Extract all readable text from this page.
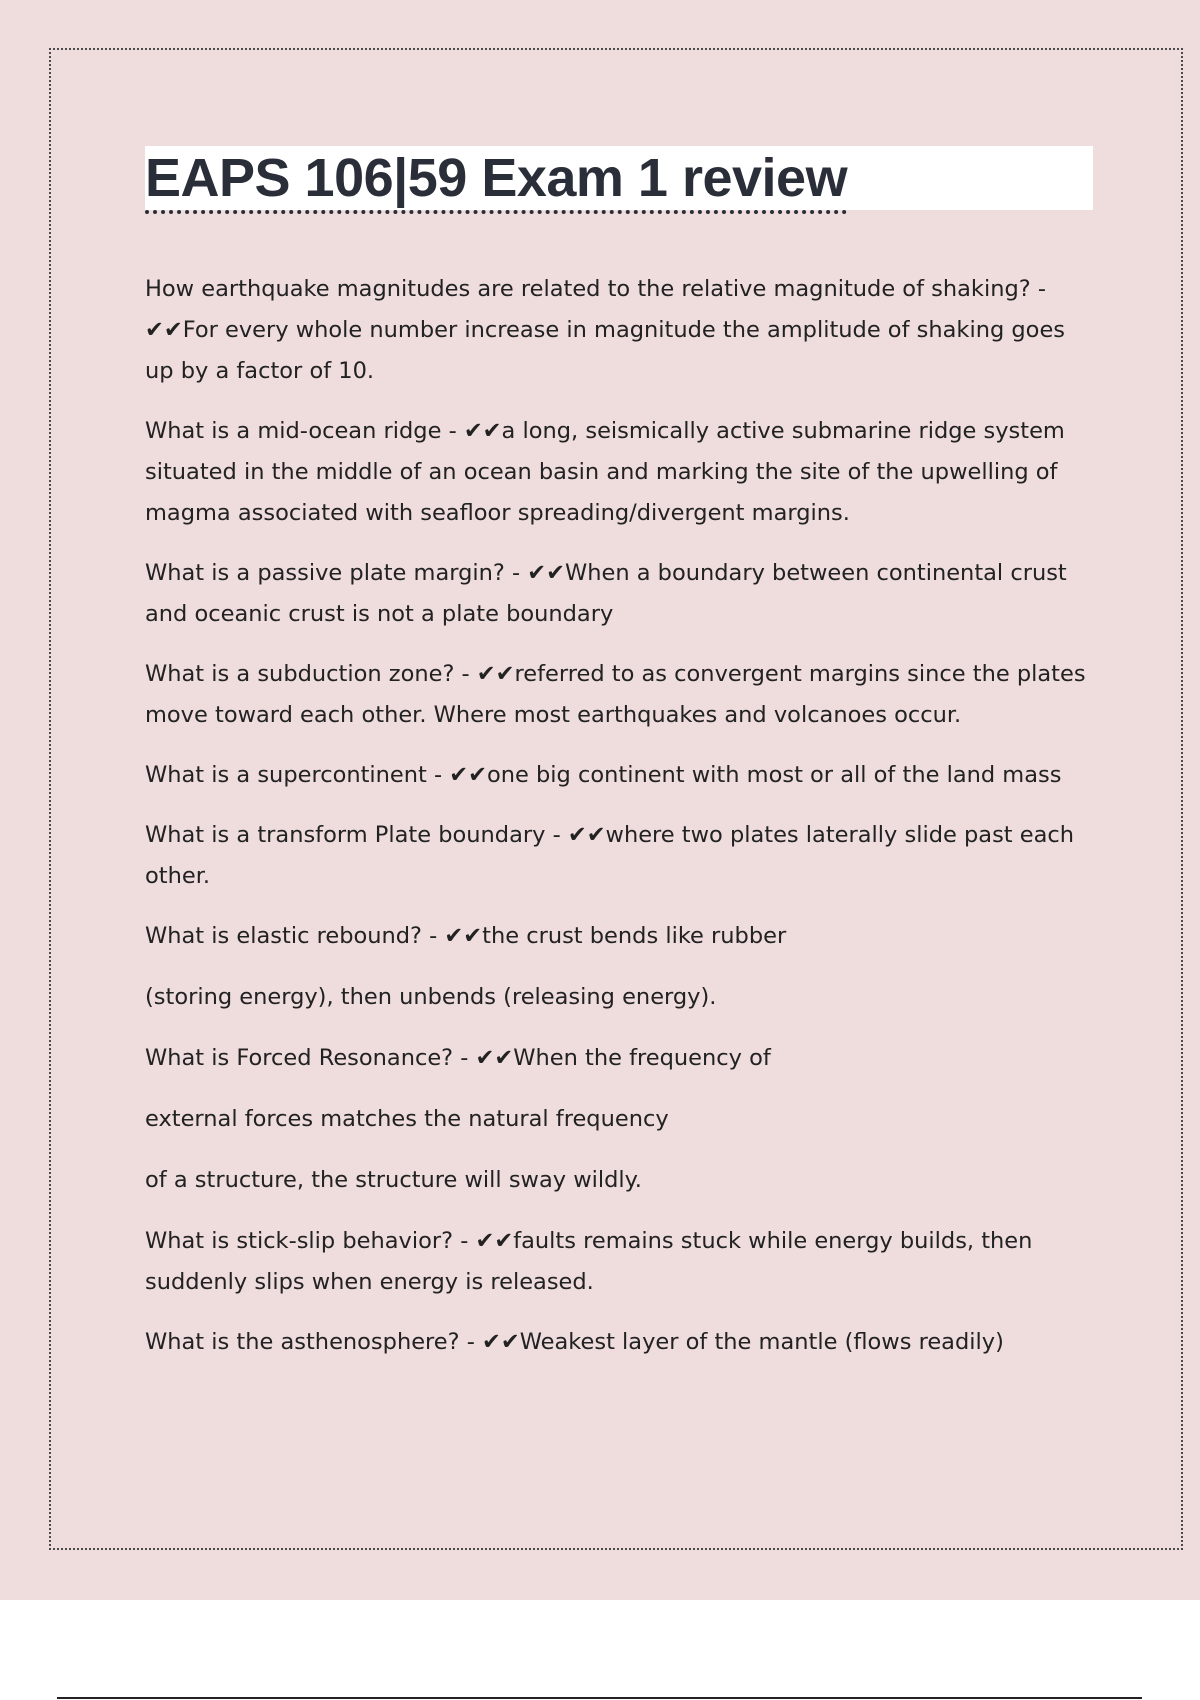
EAPS 106|59 Exam 1 review

How earthquake magnitudes are related to the relative magnitude of shaking? - ✔✔For every whole number increase in magnitude the amplitude of shaking goes up by a factor of 10.

What is a mid-ocean ridge - ✔✔a long, seismically active submarine ridge system situated in the middle of an ocean basin and marking the site of the upwelling of magma associated with seafloor spreading/divergent margins.

What is a passive plate margin? - ✔✔When a boundary between continental crust and oceanic crust is not a plate boundary

What is a subduction zone? - ✔✔referred to as convergent margins since the plates move toward each other. Where most earthquakes and volcanoes occur.

What is a supercontinent - ✔✔one big continent with most or all of the land mass

What is a transform Plate boundary - ✔✔where two plates laterally slide past each other.

What is elastic rebound? - ✔✔the crust bends like rubber

(storing energy), then unbends (releasing energy).

What is Forced Resonance? - ✔✔When the frequency of

external forces matches the natural frequency

of a structure, the structure will sway wildly.

What is stick-slip behavior? - ✔✔faults remains stuck while energy builds, then suddenly slips when energy is released.

What is the asthenosphere? - ✔✔Weakest layer of the mantle (flows readily)
